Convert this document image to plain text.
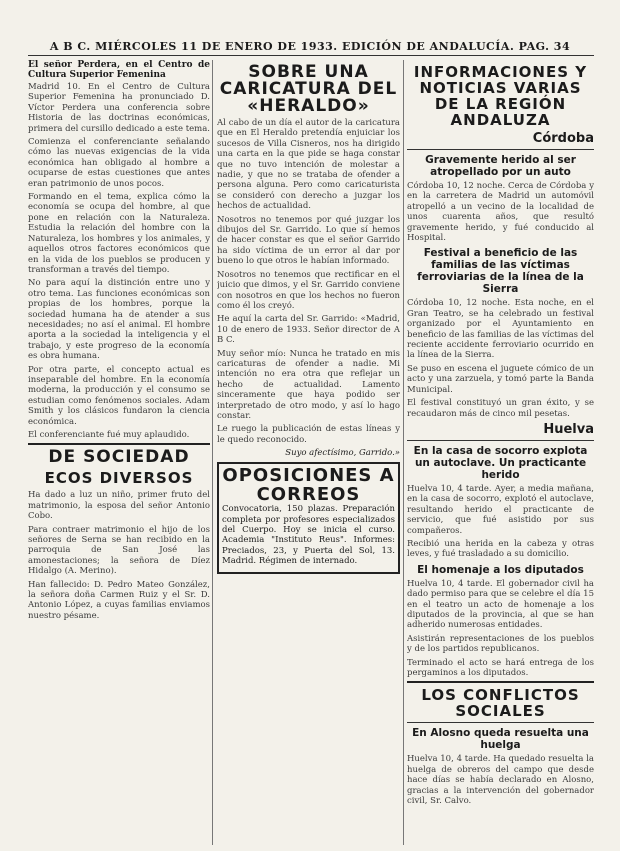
A B C. MIÉRCOLES 11 DE ENERO DE 1933. EDICIÓN DE ANDALUCÍA. PAG. 34

El señor Perdera, en el Centro de Cultura Superior Femenina

Madrid 10. En el Centro de Cultura Superior Femenina ha pronunciado D. Víctor Perdera una conferencia sobre Historia de las doctrinas económicas, primera del cursillo dedicado a este tema.

Comienza el conferenciante señalando cómo las nuevas exigencias de la vida económica han obligado al hombre a ocuparse de estas cuestiones que antes eran patrimonio de unos pocos.

Formando en el tema, explica cómo la economía se ocupa del hombre, al que pone en relación con la Naturaleza. Estudia la relación del hombre con la Naturaleza, los hombres y los animales, y aquellos otros factores económicos que en la vida de los pueblos se producen y transforman a través del tiempo.

No para aquí la distinción entre uno y otro tema. Las funciones económicas son propias de los hombres, porque la sociedad humana ha de atender a sus necesidades; no así el animal. El hombre aporta a la sociedad la inteligencia y el trabajo, y este progreso de la economía es obra humana.

Por otra parte, el concepto actual es inseparable del hombre. En la economía moderna, la producción y el consumo se estudian como fenómenos sociales. Adam Smith y los clásicos fundaron la ciencia económica.

El conferenciante fué muy aplaudido.

DE SOCIEDAD
ECOS DIVERSOS

Ha dado a luz un niño, primer fruto del matrimonio, la esposa del señor Antonio Cobo.

Para contraer matrimonio el hijo de los señores de Serna se han recibido en la parroquia de San José las amonestaciones; la señora de Díez Hidalgo (A. Merino).

Han fallecido: D. Pedro Mateo González, la señora doña Carmen Ruiz y el Sr. D. Antonio López, a cuyas familias enviamos nuestro pésame.

SOBRE UNA CARICATURA DEL «HERALDO»

Al cabo de un día el autor de la caricatura que en El Heraldo pretendía enjuiciar los sucesos de Villa Cisneros, nos ha dirigido una carta en la que pide se haga constar que no tuvo intención de molestar a nadie, y que no se trataba de ofender a persona alguna. Pero como caricaturista se consideró con derecho a juzgar los hechos de actualidad.

Nosotros no tenemos por qué juzgar los dibujos del Sr. Garrido. Lo que sí hemos de hacer constar es que el señor Garrido ha sido víctima de un error al dar por bueno lo que otros le habían informado.

Nosotros no tenemos que rectificar en el juicio que dimos, y el Sr. Garrido conviene con nosotros en que los hechos no fueron como él los creyó.

He aquí la carta del Sr. Garrido: «Madrid, 10 de enero de 1933. Señor director de A B C.

Muy señor mío: Nunca he tratado en mis caricaturas de ofender a nadie. Mi intención no era otra que reflejar un hecho de actualidad. Lamento sinceramente que haya podido ser interpretado de otro modo, y así lo hago constar.

Le ruego la publicación de estas líneas y le quedo reconocido.

Suyo afectísimo, Garrido.»
OPOSICIONES A CORREOS

Convocatoria, 150 plazas. Preparación completa por profesores especializados del Cuerpo. Hoy se inicia el curso. Academia "Instituto Reus". Informes: Preciados, 23, y Puerta del Sol, 13. Madrid. Régimen de internado.

INFORMACIONES Y NOTICIAS VARIAS DE LA REGIÓN ANDALUZA
Córdoba
Gravemente herido al ser atropellado por un auto

Córdoba 10, 12 noche. Cerca de Córdoba y en la carretera de Madrid un automóvil atropelló a un vecino de la localidad de unos cuarenta años, que resultó gravemente herido, y fué conducido al Hospital.

Festival a beneficio de las familias de las víctimas ferroviarias de la línea de la Sierra

Córdoba 10, 12 noche. Esta noche, en el Gran Teatro, se ha celebrado un festival organizado por el Ayuntamiento en beneficio de las familias de las víctimas del reciente accidente ferroviario ocurrido en la línea de la Sierra.

Se puso en escena el juguete cómico de un acto y una zarzuela, y tomó parte la Banda Municipal.

El festival constituyó un gran éxito, y se recaudaron más de cinco mil pesetas.

Huelva
En la casa de socorro explota un autoclave. Un practicante herido

Huelva 10, 4 tarde. Ayer, a media mañana, en la casa de socorro, explotó el autoclave, resultando herido el practicante de servicio, que fué asistido por sus compañeros.

Recibió una herida en la cabeza y otras leves, y fué trasladado a su domicilio.

El homenaje a los diputados

Huelva 10, 4 tarde. El gobernador civil ha dado permiso para que se celebre el día 15 en el teatro un acto de homenaje a los diputados de la provincia, al que se han adherido numerosas entidades.

Asistirán representaciones de los pueblos y de los partidos republicanos.

Terminado el acto se hará entrega de los pergaminos a los diputados.

LOS CONFLICTOS SOCIALES
En Alosno queda resuelta una huelga

Huelva 10, 4 tarde. Ha quedado resuelta la huelga de obreros del campo que desde hace días se había declarado en Alosno, gracias a la intervención del gobernador civil, Sr. Calvo.
